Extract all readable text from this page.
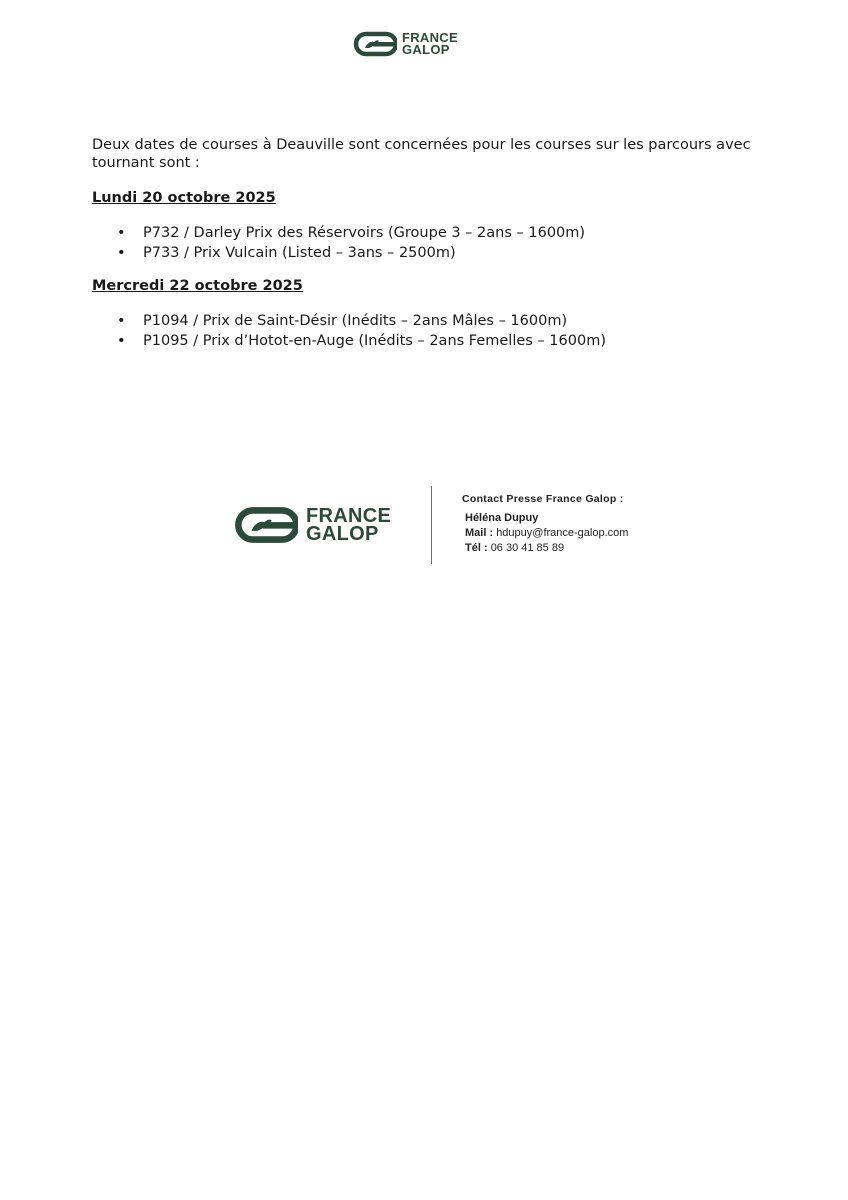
FRANCE
GALOP

Deux dates de courses à Deauville sont concernées pour les courses sur les parcours avec tournant sont :

Lundi 20 octobre 2025

• P732 / Darley Prix des Réservoirs (Groupe 3 – 2ans – 1600m)
• P733 / Prix Vulcain (Listed – 3ans – 2500m)

Mercredi 22 octobre 2025

• P1094 / Prix de Saint-Désir (Inédits – 2ans Mâles – 1600m)
• P1095 / Prix d’Hotot-en-Auge (Inédits – 2ans Femelles – 1600m)
FRANCE
GALOP
Contact Presse France Galop :
Héléna Dupuy
Mail : hdupuy@france-galop.com
Tél : 06 30 41 85 89
